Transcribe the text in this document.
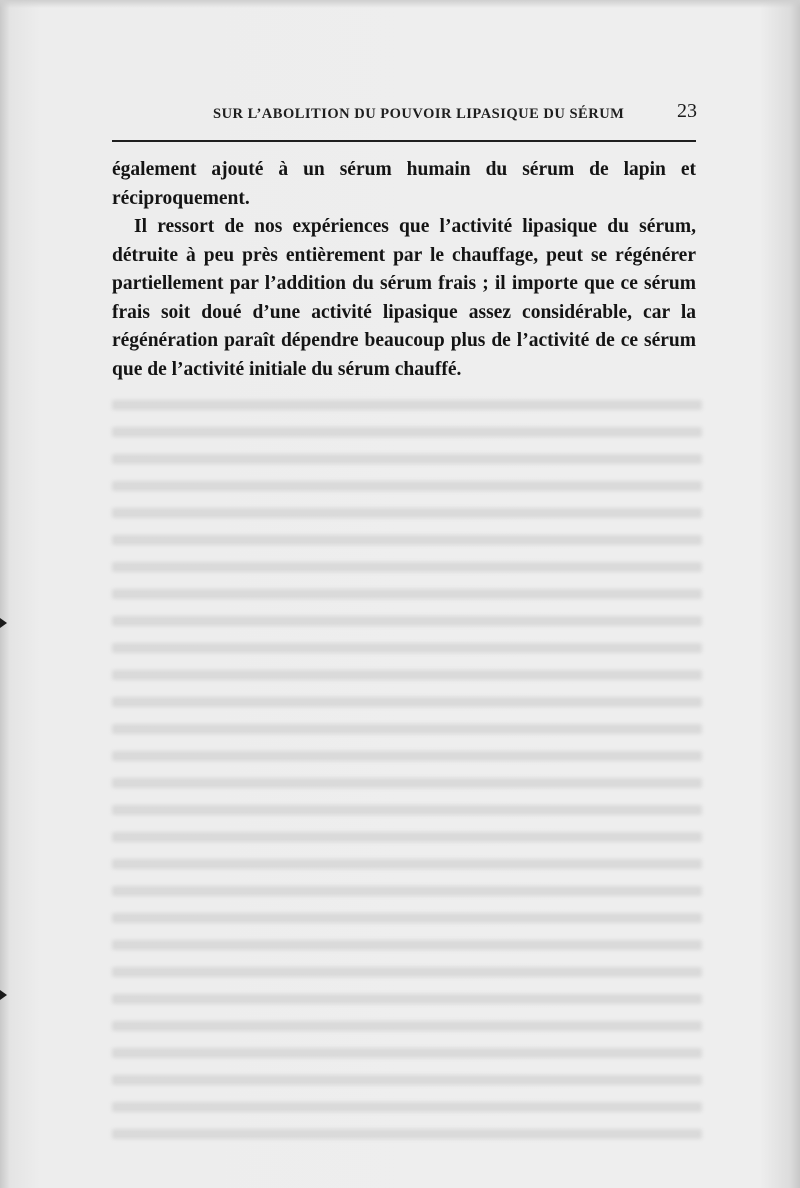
SUR L’ABOLITION DU POUVOIR LIPASIQUE DU SÉRUM	23

également ajouté à un sérum humain du sérum de lapin et réciproquement.

Il ressort de nos expériences que l’activité lipasique du sérum, détruite à peu près entièrement par le chauffage, peut se régénérer partiellement par l’addition du sérum frais ; il importe que ce sérum frais soit doué d’une activité lipasique assez considérable, car la régénération paraît dépendre beaucoup plus de l’activité de ce sérum que de l’activité initiale du sérum chauffé.
